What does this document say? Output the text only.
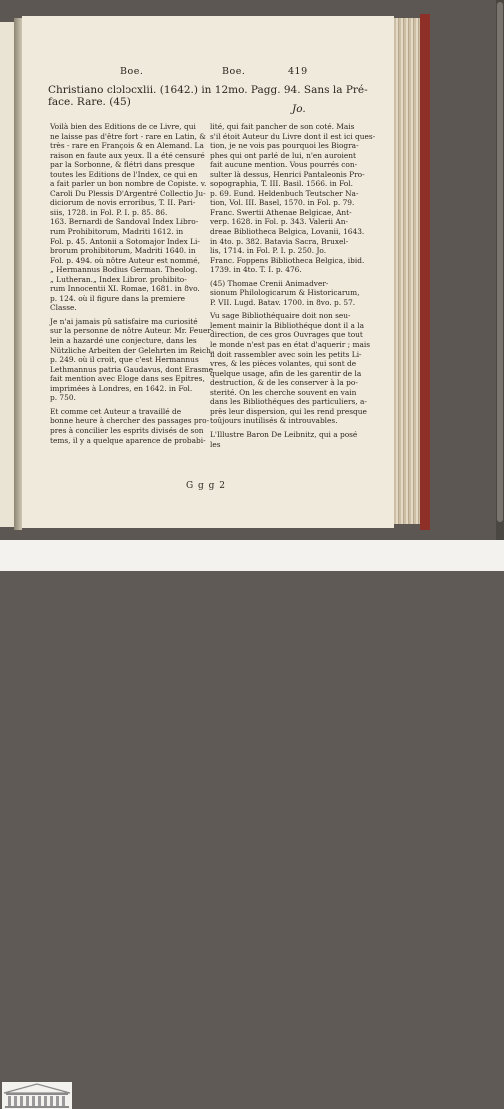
Boe.	Boe.	419
Christiano clↄlↄcxlii. (1642.) in 12mo. Pagg. 94. Sans la Pré-
face. Rare. (45)
Jo.

Voilà bien des Editions de ce Livre, qui

ne laisse pas d'être fort - rare en Latin, &

très - rare en François & en Alemand. La

raison en faute aux yeux. Il a été censuré

par la Sorbonne, & flétri dans presque

toutes les Editions de l'Index, ce qui en

a fait parler un bon nombre de Copiste. v.

Caroli Du Plessis D'Argentré Collectio Ju-

diciorum de novis erroribus, T. II. Pari-

siis, 1728. in Fol. P. I. p. 85. 86.

163. Bernardi de Sandoval Index Libro-

rum Prohibitorum, Madriti 1612. in

Fol. p. 45. Antonii a Sotomajor Index Li-

brorum prohibitorum, Madriti 1640. in

Fol. p. 494. où nôtre Auteur est nommé,

„ Hermannus Bodius German. Theolog.

„ Lutheran.„ Index Libror. prohibito-

rum Innocentii XI. Romae, 1681. in 8vo.

p. 124. où il figure dans la premiere

Classe.

Je n'ai jamais pû satisfaire ma curiosité

sur la personne de nôtre Auteur. Mr. Feuer-

lein a hazardé une conjecture, dans les

Nützliche Arbeiten der Gelehrten im Reich,

p. 249. où il croit, que c'est Hermannus

Lethmannus patria Gaudavus, dont Erasme

fait mention avec Eloge dans ses Epitres,

imprimées à Londres, en 1642. in Fol.

p. 750.

Et comme cet Auteur a travaillé de

bonne heure à chercher des passages pro-

pres à concilier les esprits divisés de son

tems, il y a quelque aparence de probabi-

lité, qui fait pancher de son coté. Mais

s'il étoit Auteur du Livre dont il est ici ques-

tion, je ne vois pas pourquoi les Biogra-

phes qui ont parlé de lui, n'en auroient

fait aucune mention. Vous pourrés con-

sulter là dessus, Henrici Pantaleonis Pro-

sopographia, T. III. Basil. 1566. in Fol.

p. 69. Eund. Heldenbuch Teutscher Na-

tion, Vol. III. Basel, 1570. in Fol. p. 79.

Franc. Swertii Athenae Belgicae, Ant-

verp. 1628. in Fol. p. 343. Valerii An-

dreae Bibliotheca Belgica, Lovanii, 1643.

in 4to. p. 382. Batavia Sacra, Bruxel-

lis, 1714. in Fol. P. I. p. 250. Jo.

Franc. Foppens Bibliotheca Belgica, ibid.

1739. in 4to. T. I. p. 476.

(45) Thomae Crenii Animadver-

sionum Philologicarum & Historicarum,

P. VII. Lugd. Batav. 1700. in 8vo. p. 57.

Vu sage Bibliothéquaire doit non seu-

lement mainir la Bibliothéque dont il a la

direction, de ces gros Ouvrages que tout

le monde n'est pas en état d'aquerir ; mais

il doit rassembler avec soin les petits Li-

vres, & les pièces volantes, qui sont de

quelque usage, afin de les garentir de la

destruction, & de les conserver à la po-

sterité. On les cherche souvent en vain

dans les Bibliothéques des particuliers, a-

près leur dispersion, qui les rend presque

toûjours inutilisés & introuvables.

L'Illustre Baron De Leibnitz, qui a posé

les

G g g 2
